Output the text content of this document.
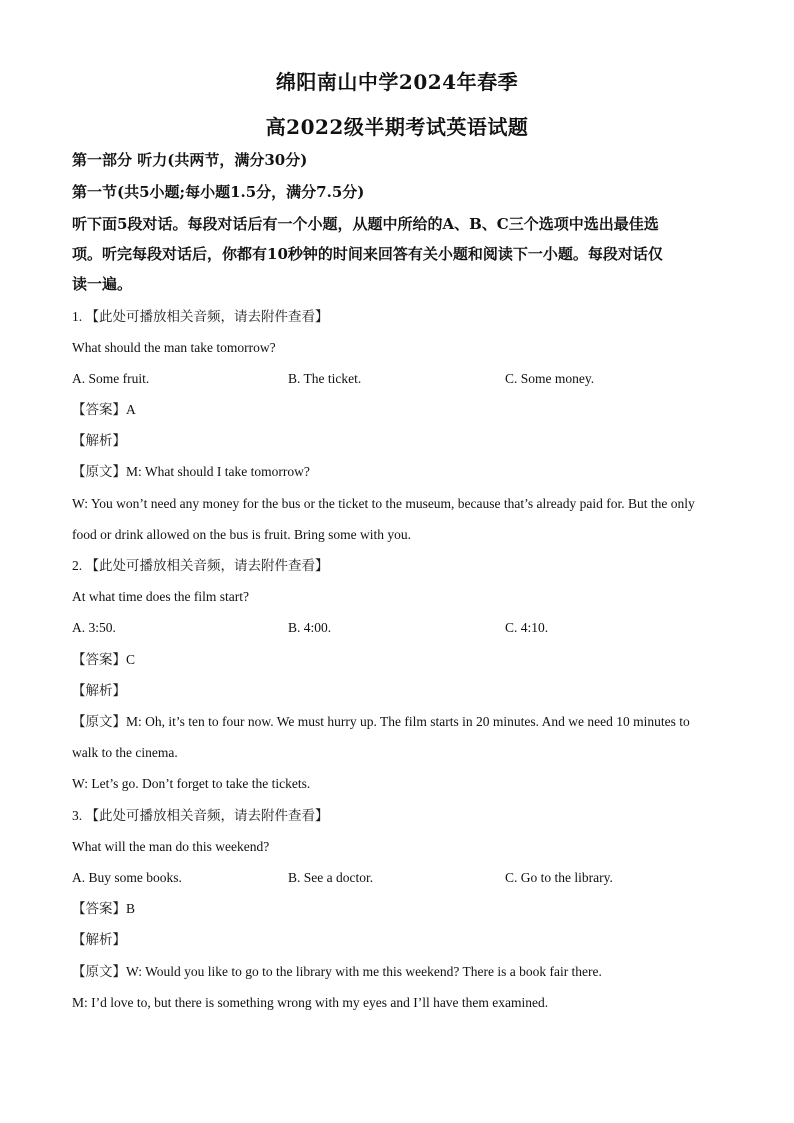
绵阳南山中学2024年春季
高2022级半期考试英语试题
第一部分 听力(共两节，满分30分)
第一节(共5小题;每小题1.5分，满分7.5分)
听下面5段对话。每段对话后有一个小题，从题中所给的A、B、C三个选项中选出最佳选
项。听完每段对话后，你都有10秒钟的时间来回答有关小题和阅读下一小题。每段对话仅
读一遍。
1. 【此处可播放相关音频，请去附件查看】
What should the man take tomorrow?
A. Some fruit.	B. The ticket.	C. Some money.
【答案】A
【解析】
【原文】M: What should I take tomorrow?
W: You won’t need any money for the bus or the ticket to the museum, because that’s already paid for. But the only
food or drink allowed on the bus is fruit. Bring some with you.
2. 【此处可播放相关音频，请去附件查看】
At what time does the film start?
A. 3:50.	B. 4:00.	C. 4:10.
【答案】C
【解析】
【原文】M: Oh, it’s ten to four now. We must hurry up. The film starts in 20 minutes. And we need 10 minutes to
walk to the cinema.
W: Let’s go. Don’t forget to take the tickets.
3. 【此处可播放相关音频，请去附件查看】
What will the man do this weekend?
A. Buy some books.	B. See a doctor.	C. Go to the library.
【答案】B
【解析】
【原文】W: Would you like to go to the library with me this weekend? There is a book fair there.
M: I’d love to, but there is something wrong with my eyes and I’ll have them examined.
